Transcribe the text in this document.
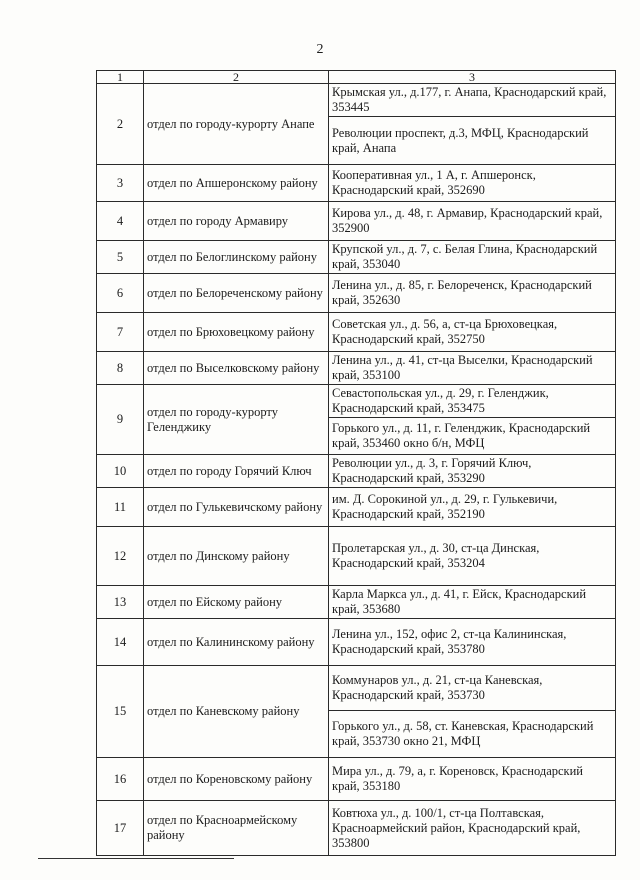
2
1	2	3
2	отдел по городу-курорту Анапе	Крымская ул., д.177, г. Анапа, Краснодарский край, 353445
		Революции проспект, д.3, МФЦ, Краснодарский край, Анапа
3	отдел по Апшеронскому району	Кооперативная ул., 1 А, г. Апшеронск, Краснодарский край, 352690
4	отдел по городу Армавиру	Кирова ул., д. 48, г. Армавир, Краснодарский край, 352900
5	отдел по Белоглинскому району	Крупской ул., д. 7, с. Белая Глина, Краснодарский край, 353040
6	отдел по Белореченскому району	Ленина ул., д. 85, г. Белореченск, Краснодарский край, 352630
7	отдел по Брюховецкому району	Советская ул., д. 56, а, ст-ца Брюховецкая, Краснодарский край, 352750
8	отдел по Выселковскому району	Ленина ул., д. 41, ст-ца Выселки, Краснодарский край, 353100
9	отдел по городу-курорту Геленджику	Севастопольская ул., д. 29, г. Геленджик, Краснодарский край, 353475
		Горького ул., д. 11, г. Геленджик, Краснодарский край, 353460 окно б/н, МФЦ
10	отдел по городу Горячий Ключ	Революции ул., д. 3, г. Горячий Ключ, Краснодарский край, 353290
11	отдел по Гулькевичскому району	им. Д. Сорокиной ул., д. 29, г. Гулькевичи, Краснодарский край, 352190
12	отдел по Динскому району	Пролетарская ул., д. 30, ст-ца Динская, Краснодарский край, 353204
13	отдел по Ейскому району	Карла Маркса ул., д. 41, г. Ейск, Краснодарский край, 353680
14	отдел по Калининскому району	Ленина ул., 152, офис 2, ст-ца Калининская, Краснодарский край, 353780
15	отдел по Каневскому району	Коммунаров ул., д. 21, ст-ца Каневская, Краснодарский край, 353730
		Горького ул., д. 58, ст. Каневская, Краснодарский край, 353730 окно 21, МФЦ
16	отдел по Кореновскому району	Мира ул., д. 79, а, г. Кореновск, Краснодарский край, 353180
17	отдел по Красноармейскому району	Ковтюха ул., д. 100/1, ст-ца Полтавская, Красноармейский район, Краснодарский край, 353800
